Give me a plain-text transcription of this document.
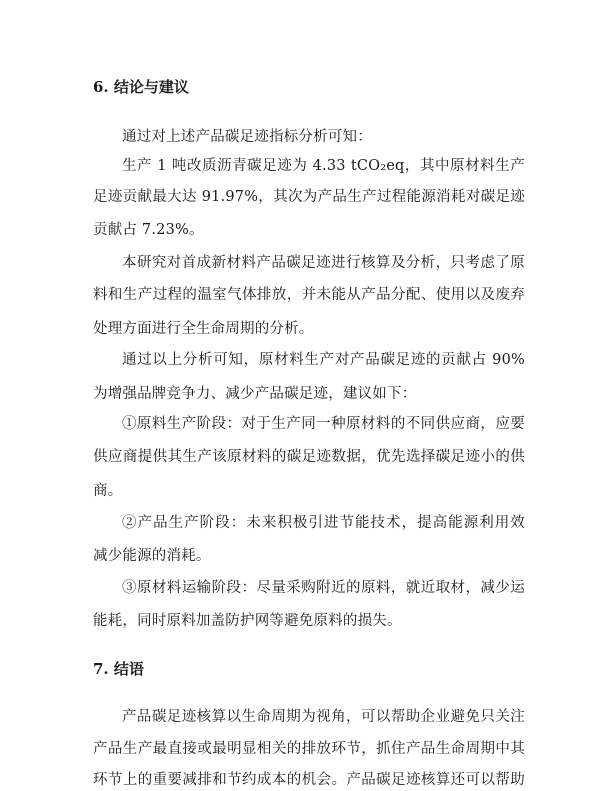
6. 结论与建议
通过对上述产品碳足迹指标分析可知：
生产 1 吨改质沥青碳足迹为 4.33 tCO₂eq，其中原材料生产
足迹贡献最大达 91.97%，其次为产品生产过程能源消耗对碳足迹
贡献占 7.23%。
本研究对首成新材料产品碳足迹进行核算及分析，只考虑了原
料和生产过程的温室气体排放，并未能从产品分配、使用以及废弃
处理方面进行全生命周期的分析。
通过以上分析可知，原材料生产对产品碳足迹的贡献占 90%
为增强品牌竞争力、减少产品碳足迹，建议如下：
①原料生产阶段：对于生产同一种原材料的不同供应商，应要
供应商提供其生产该原材料的碳足迹数据，优先选择碳足迹小的供
商。
②产品生产阶段：未来积极引进节能技术，提高能源利用效
减少能源的消耗。
③原材料运输阶段：尽量采购附近的原料，就近取材，减少运
能耗，同时原料加盖防护网等避免原料的损失。
7. 结语
产品碳足迹核算以生命周期为视角，可以帮助企业避免只关注
产品生产最直接或最明显相关的排放环节，抓住产品生命周期中其
环节上的重要减排和节约成本的机会。产品碳足迹核算还可以帮助
